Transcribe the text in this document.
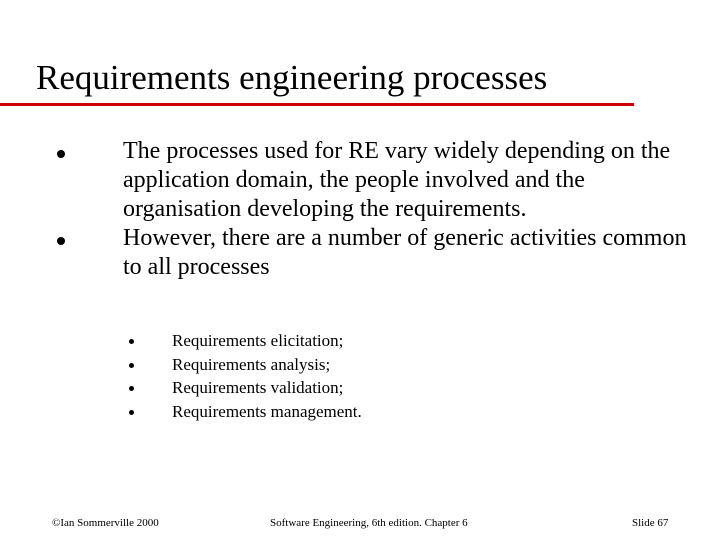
Requirements engineering processes
The processes used for RE vary widely depending on the application domain, the people involved and the organisation developing the requirements.
However, there are a number of generic activities common to all processes
Requirements elicitation;
Requirements analysis;
Requirements validation;
Requirements management.
©Ian Sommerville 2000	Software Engineering, 6th edition. Chapter 6	Slide 67
